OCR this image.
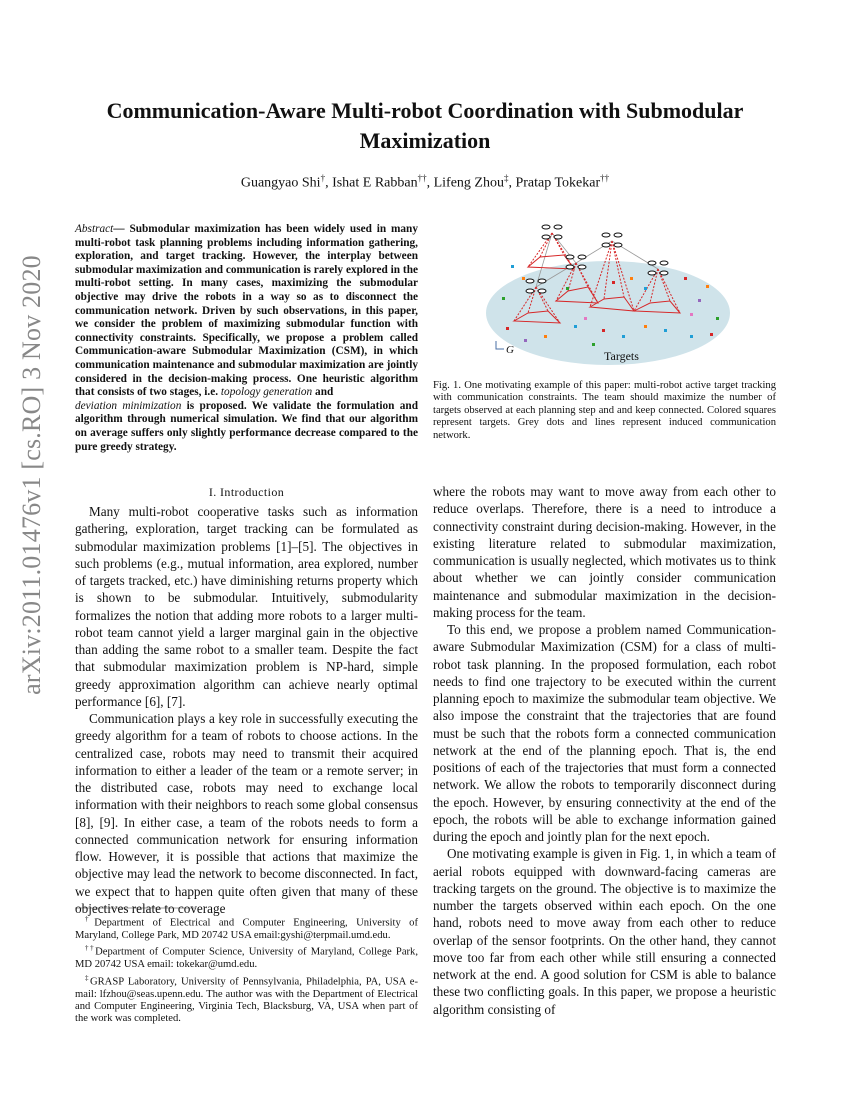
arXiv:2011.01476v1 [cs.RO] 3 Nov 2020
Communication-Aware Multi-robot Coordination with Submodular Maximization
Guangyao Shi†, Ishat E Rabban††, Lifeng Zhou‡, Pratap Tokekar††
Abstract— Submodular maximization has been widely used in many multi-robot task planning problems including information gathering, exploration, and target tracking. However, the interplay between submodular maximization and communication is rarely explored in the multi-robot setting. In many cases, maximizing the submodular objective may drive the robots in a way so as to disconnect the communication network. Driven by such observations, in this paper, we consider the problem of maximizing submodular function with connectivity constraints. Specifically, we propose a problem called Communication-aware Submodular Maximization (CSM), in which communication maintenance and submodular maximization are jointly considered in the decision-making process. One heuristic algorithm that consists of two stages, i.e. topology generation and
deviation minimization is proposed. We validate the formulation and algorithm through numerical simulation. We find that our algorithm on average suffers only slightly performance decrease compared to the pure greedy strategy.
I. Introduction

Many multi-robot cooperative tasks such as information gathering, exploration, target tracking can be formulated as submodular maximization problems [1]–[5]. The objectives in such problems (e.g., mutual information, area explored, number of targets tracked, etc.) have diminishing returns property which is shown to be submodular. Intuitively, submodularity formalizes the notion that adding more robots to a larger multi-robot team cannot yield a larger marginal gain in the objective than adding the same robot to a smaller team. Despite the fact that submodular maximization problem is NP-hard, simple greedy approximation algorithm can achieve nearly optimal performance [6], [7].

Communication plays a key role in successfully executing the greedy algorithm for a team of robots to choose actions. In the centralized case, robots may need to transmit their acquired information to either a leader of the team or a remote server; in the distributed case, robots may need to exchange local information with their neighbors to reach some global consensus [8], [9]. In either case, a team of the robots needs to form a connected communication network for ensuring information flow. However, it is possible that actions that maximize the objective may lead the network to become disconnected. In fact, we expect that to happen quite often given that many of these objectives relate to coverage

†Department of Electrical and Computer Engineering, University of Maryland, College Park, MD 20742 USA email:gyshi@terpmail.umd.edu.

††Department of Computer Science, University of Maryland, College Park, MD 20742 USA email: tokekar@umd.edu.

‡GRASP Laboratory, University of Pennsylvania, Philadelphia, PA, USA e-mail: lfzhou@seas.upenn.edu. The author was with the Department of Electrical and Computer Engineering, Virginia Tech, Blacksburg, VA, USA when part of the work was completed.

G	Targets
Fig. 1. One motivating example of this paper: multi-robot active target tracking with communication constraints. The team should maximize the number of targets observed at each planning step and and keep connected. Colored squares represent targets. Grey dots and lines represent induced communication network.

where the robots may want to move away from each other to reduce overlaps. Therefore, there is a need to introduce a connectivity constraint during decision-making. However, in the existing literature related to submodular maximization, communication is usually neglected, which motivates us to think about whether we can jointly consider communication maintenance and submodular maximization in the decision-making process for the team.

To this end, we propose a problem named Communication-aware Submodular Maximization (CSM) for a class of multi-robot task planning. In the proposed formulation, each robot needs to find one trajectory to be executed within the current planning epoch to maximize the submodular team objective. We also impose the constraint that the trajectories that are found must be such that the robots form a connected communication network at the end of the planning epoch. That is, the end positions of each of the trajectories that must form a connected network. We allow the robots to temporarily disconnect during the epoch. However, by ensuring connectivity at the end of the epoch, the robots will be able to exchange information gained during the epoch and jointly plan for the next epoch.

One motivating example is given in Fig. 1, in which a team of aerial robots equipped with downward-facing cameras are tracking targets on the ground. The objective is to maximize the number the targets observed within each epoch. On the one hand, robots need to move away from each other to reduce overlap of the sensor footprints. On the other hand, they cannot move too far from each other while still ensuring a connected network at the end. A good solution for CSM is able to balance these two conflicting goals. In this paper, we propose a heuristic algorithm consisting of
